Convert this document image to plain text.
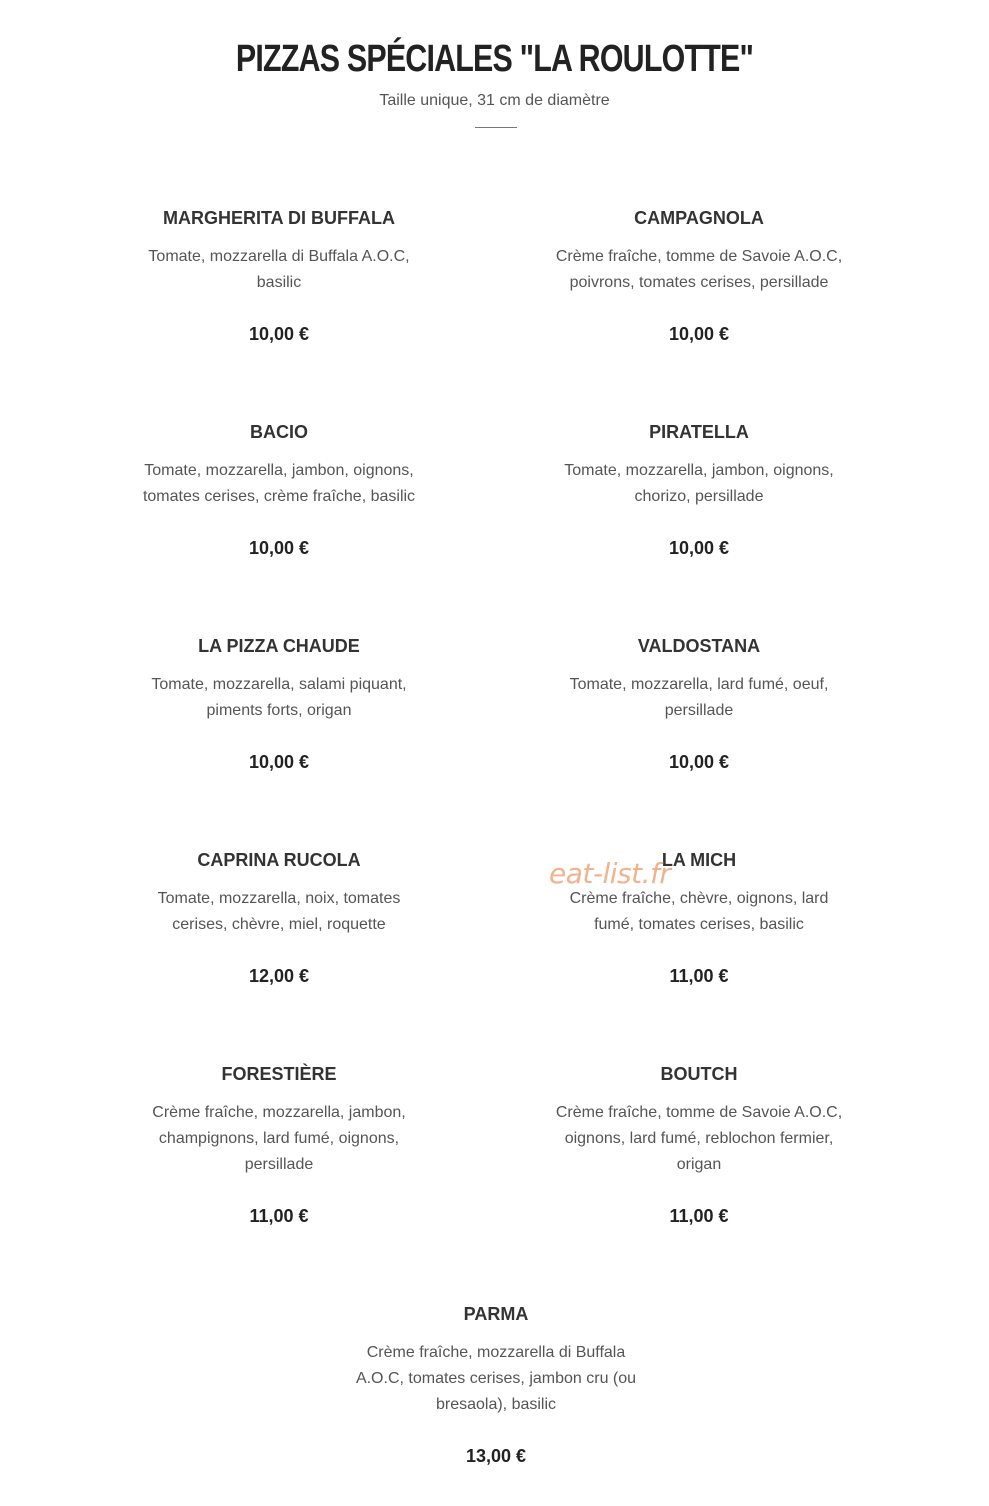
PIZZAS SPÉCIALES "LA ROULOTTE"
Taille unique, 31 cm de diamètre
MARGHERITA DI BUFFALA
Tomate, mozzarella di Buffala A.O.C, basilic
10,00 €
CAMPAGNOLA
Crème fraîche, tomme de Savoie A.O.C, poivrons, tomates cerises, persillade
10,00 €
BACIO
Tomate, mozzarella, jambon, oignons, tomates cerises, crème fraîche, basilic
10,00 €
PIRATELLA
Tomate, mozzarella, jambon, oignons, chorizo, persillade
10,00 €
LA PIZZA CHAUDE
Tomate, mozzarella, salami piquant, piments forts, origan
10,00 €
VALDOSTANA
Tomate, mozzarella, lard fumé, oeuf, persillade
10,00 €
CAPRINA RUCOLA
Tomate, mozzarella, noix, tomates cerises, chèvre, miel, roquette
12,00 €
LA MICH
Crème fraîche, chèvre, oignons, lard fumé, tomates cerises, basilic
11,00 €
FORESTIÈRE
Crème fraîche, mozzarella, jambon, champignons, lard fumé, oignons, persillade
11,00 €
BOUTCH
Crème fraîche, tomme de Savoie A.O.C, oignons, lard fumé, reblochon fermier, origan
11,00 €
PARMA
Crème fraîche, mozzarella di Buffala A.O.C, tomates cerises, jambon cru (ou bresaola), basilic
13,00 €
eat-list.fr
